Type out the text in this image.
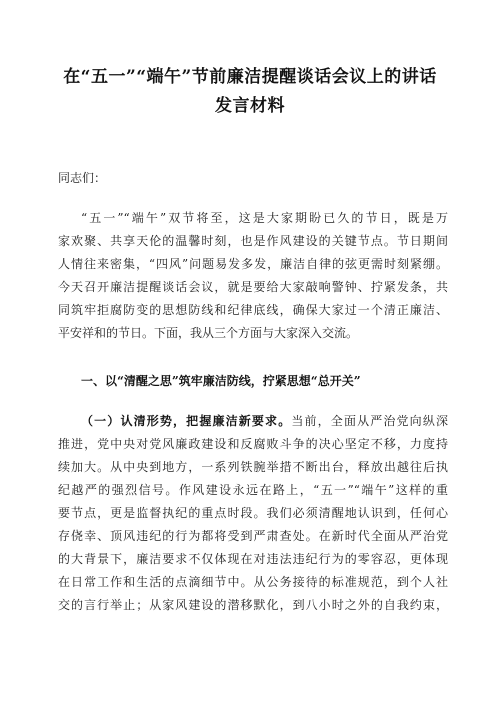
在“五一”“端午”节前廉洁提醒谈话会议上的讲话
发言材料
同志们：
“五一”“端午”双节将至，这是大家期盼已久的节日，既是万
家欢聚、共享天伦的温馨时刻，也是作风建设的关键节点。节日期间
人情往来密集，“四风”问题易发多发，廉洁自律的弦更需时刻紧绷。
今天召开廉洁提醒谈话会议，就是要给大家敲响警钟、拧紧发条，共
同筑牢拒腐防变的思想防线和纪律底线，确保大家过一个清正廉洁、
平安祥和的节日。下面，我从三个方面与大家深入交流。
一、以“清醒之思”筑牢廉洁防线，拧紧思想“总开关”
（一）认清形势，把握廉洁新要求。当前，全面从严治党向纵深
推进，党中央对党风廉政建设和反腐败斗争的决心坚定不移，力度持
续加大。从中央到地方，一系列铁腕举措不断出台，释放出越往后执
纪越严的强烈信号。作风建设永远在路上，“五一”“端午”这样的重
要节点，更是监督执纪的重点时段。我们必须清醒地认识到，任何心
存侥幸、顶风违纪的行为都将受到严肃查处。在新时代全面从严治党
的大背景下，廉洁要求不仅体现在对违法违纪行为的零容忍，更体现
在日常工作和生活的点滴细节中。从公务接待的标准规范，到个人社
交的言行举止；从家风建设的潜移默化，到八小时之外的自我约束，
